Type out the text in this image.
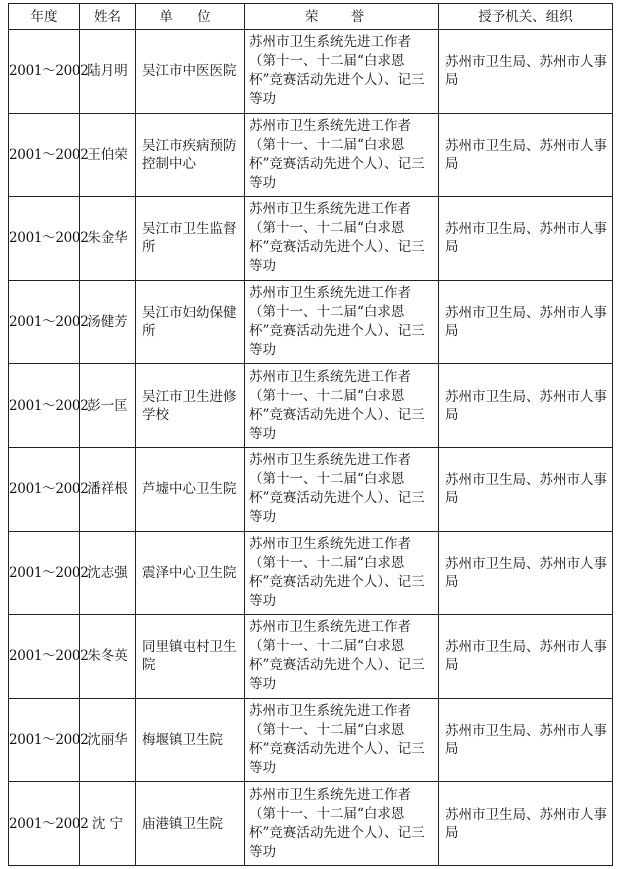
年度	姓名	单 位	荣 誉	授予机关、组织
2001～2002	陆月明	吴江市中医医院	苏州市卫生系统先进工作者（第十一、十二届“白求恩杯”竞赛活动先进个人）、记三等功	苏州市卫生局、苏州市人事局
2001～2002	王伯荣	吴江市疾病预防控制中心	苏州市卫生系统先进工作者（第十一、十二届“白求恩杯”竞赛活动先进个人）、记三等功	苏州市卫生局、苏州市人事局
2001～2002	朱金华	吴江市卫生监督所	苏州市卫生系统先进工作者（第十一、十二届“白求恩杯”竞赛活动先进个人）、记三等功	苏州市卫生局、苏州市人事局
2001～2002	汤健芳	吴江市妇幼保健所	苏州市卫生系统先进工作者（第十一、十二届“白求恩杯”竞赛活动先进个人）、记三等功	苏州市卫生局、苏州市人事局
2001～2002	彭一匡	吴江市卫生进修学校	苏州市卫生系统先进工作者（第十一、十二届“白求恩杯”竞赛活动先进个人）、记三等功	苏州市卫生局、苏州市人事局
2001～2002	潘祥根	芦墟中心卫生院	苏州市卫生系统先进工作者（第十一、十二届“白求恩杯”竞赛活动先进个人）、记三等功	苏州市卫生局、苏州市人事局
2001～2002	沈志强	震泽中心卫生院	苏州市卫生系统先进工作者（第十一、十二届“白求恩杯”竞赛活动先进个人）、记三等功	苏州市卫生局、苏州市人事局
2001～2002	朱冬英	同里镇屯村卫生院	苏州市卫生系统先进工作者（第十一、十二届“白求恩杯”竞赛活动先进个人）、记三等功	苏州市卫生局、苏州市人事局
2001～2002	沈丽华	梅堰镇卫生院	苏州市卫生系统先进工作者（第十一、十二届“白求恩杯”竞赛活动先进个人）、记三等功	苏州市卫生局、苏州市人事局
2001～2002	沈 宁	庙港镇卫生院	苏州市卫生系统先进工作者（第十一、十二届“白求恩杯”竞赛活动先进个人）、记三等功	苏州市卫生局、苏州市人事局
